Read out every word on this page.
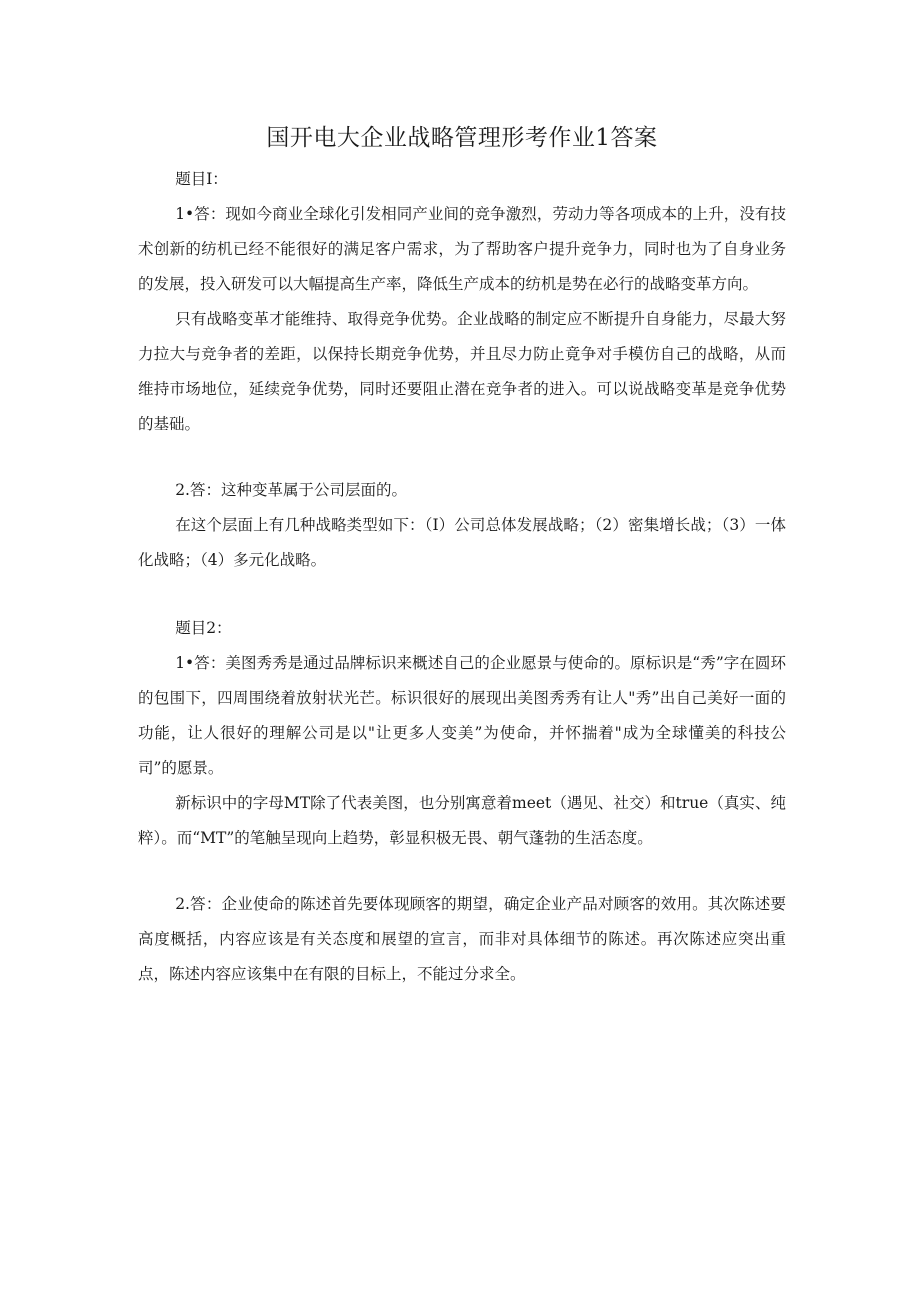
国开电大企业战略管理形考作业1答案

题目I：

1•答：现如今商业全球化引发相同产业间的竞争激烈，劳动力等各项成本的上升，没有技术创新的纺机已经不能很好的满足客户需求，为了帮助客户提升竞争力，同时也为了自身业务的发展，投入研发可以大幅提高生产率，降低生产成本的纺机是势在必行的战略变革方向。

只有战略变革才能维持、取得竞争优势。企业战略的制定应不断提升自身能力，尽最大努力拉大与竞争者的差距，以保持长期竞争优势，并且尽力防止竟争对手模仿自己的战略，从而维持市场地位，延续竞争优势，同时还要阻止潜在竞争者的进入。可以说战略变革是竞争优势的基础。

2.答：这种变革属于公司层面的。

在这个层面上有几种战略类型如下：（I）公司总体发展战略；（2）密集增长战；（3）一体化战略；（4）多元化战略。

题目2：

1•答：美图秀秀是通过品牌标识来概述自己的企业愿景与使命的。原标识是“秀”字在圆环的包围下，四周围绕着放射状光芒。标识很好的展现出美图秀秀有让人"秀”出自己美好一面的功能，让人很好的理解公司是以"让更多人变美”为使命，并怀揣着"成为全球懂美的科技公司”的愿景。

新标识中的字母MT除了代表美图，也分别寓意着meet（遇见、社交）和true（真实、纯粹）。而“MT”的笔触呈现向上趋势，彰显积极无畏、朝气蓬勃的生活态度。

2.答：企业使命的陈述首先要体现顾客的期望，确定企业产品对顾客的效用。其次陈述要高度概括，内容应该是有关态度和展望的宣言，而非对具体细节的陈述。再次陈述应突出重点，陈述内容应该集中在有限的目标上，不能过分求全。
